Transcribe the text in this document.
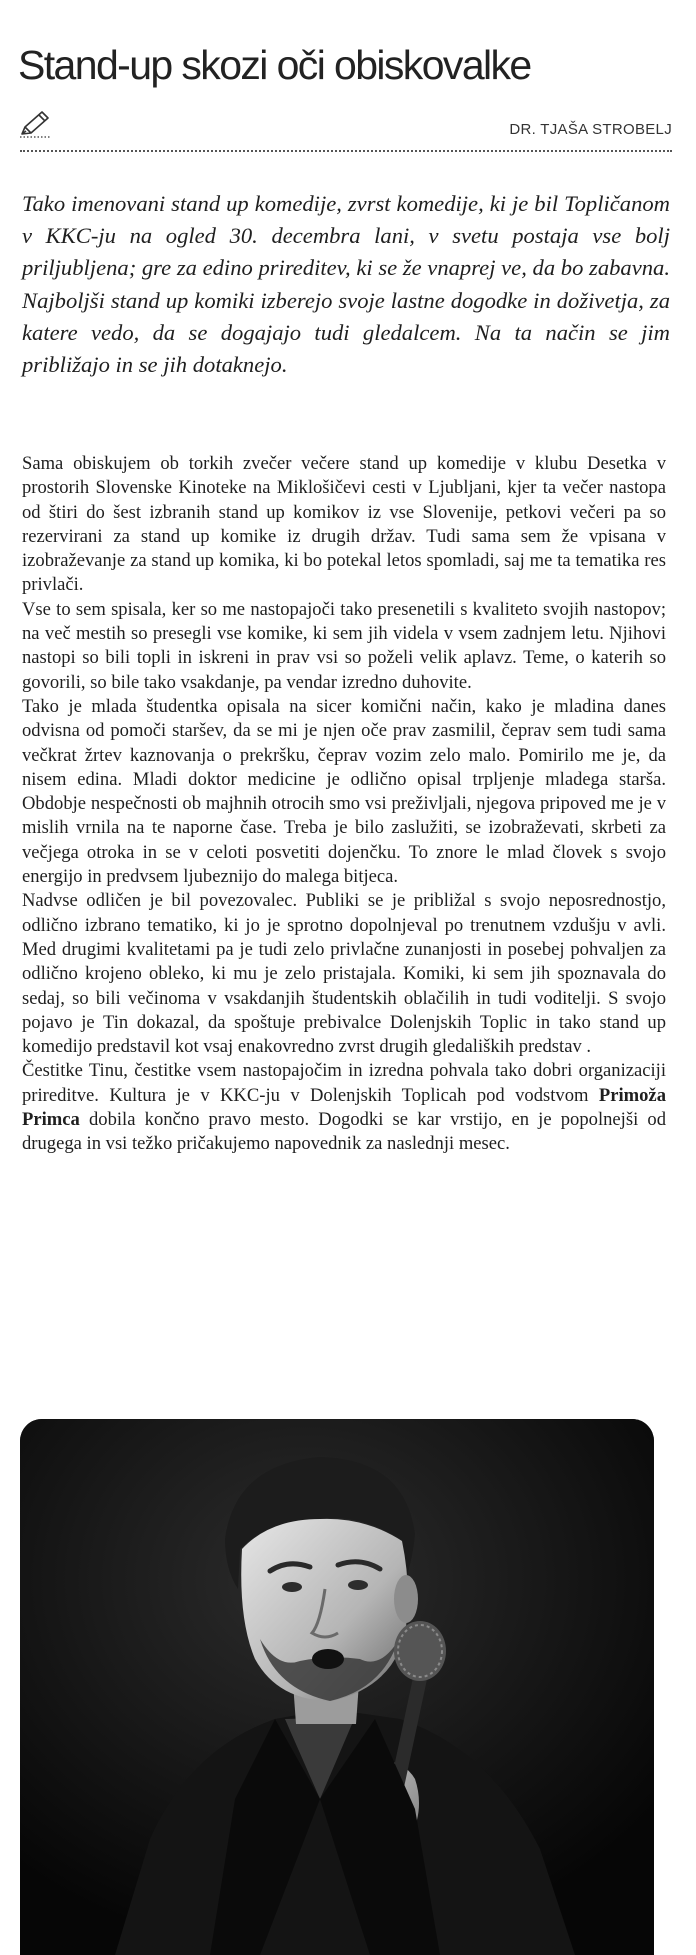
Stand-up skozi oči obiskovalke
DR. TJAŠA STROBELJ

Tako imenovani stand up komedije, zvrst komedije, ki je bil Topličanom v KKC-ju na ogled 30. decembra lani, v svetu postaja vse bolj priljubljena; gre za edino prireditev, ki se že vnaprej ve, da bo zabavna. Najboljši stand up komiki izberejo svoje lastne dogodke in doživetja, za katere vedo, da se dogajajo tudi gledalcem. Na ta način se jim približajo in se jih dotaknejo.

Sama obiskujem ob torkih zvečer večere stand up komedije v klubu Desetka v prostorih Slovenske Kinoteke na Miklošičevi cesti v Ljubljani, kjer ta večer nastopa od štiri do šest izbranih stand up komikov iz vse Slovenije, petkovi večeri pa so rezervirani za stand up komike iz drugih držav. Tudi sama sem že vpisana v izobraževanje za stand up komika, ki bo potekal letos spomladi, saj me ta tematika res privlači.

Vse to sem spisala, ker so me nastopajoči tako presenetili s kvaliteto svojih nastopov; na več mestih so presegli vse komike, ki sem jih videla v vsem zadnjem letu. Njihovi nastopi so bili topli in iskreni in prav vsi so poželi velik aplavz. Teme, o katerih so govorili, so bile tako vsakdanje, pa vendar izredno duhovite.

Tako je mlada študentka opisala na sicer komični način, kako je mladina danes odvisna od pomoči staršev, da se mi je njen oče prav zasmilil, čeprav sem tudi sama večkrat žrtev kaznovanja o prekršku, čeprav vozim zelo malo. Pomirilo me je, da nisem edina. Mladi doktor medicine je odlično opisal trpljenje mladega starša. Obdobje nespečnosti ob majhnih otrocih smo vsi preživljali, njegova pripoved me je v mislih vrnila na te naporne čase. Treba je bilo zaslužiti, se izobraževati, skrbeti za večjega otroka in se v celoti posvetiti dojenčku. To znore le mlad človek s svojo energijo in predvsem ljubeznijo do malega bitjeca.

Nadvse odličen je bil povezovalec. Publiki se je približal s svojo neposrednostjo, odlično izbrano tematiko, ki jo je sprotno dopolnjeval po trenutnem vzdušju v avli. Med drugimi kvalitetami pa je tudi zelo privlačne zunanjosti in posebej pohvaljen za odlično krojeno obleko, ki mu je zelo pristajala. Komiki, ki sem jih spoznavala do sedaj, so bili večinoma v vsakdanjih študentskih oblačilih in tudi voditelji. S svojo pojavo je Tin dokazal, da spoštuje prebivalce Dolenjskih Toplic in tako stand up komedijo predstavil kot vsaj enakovredno zvrst drugih gledaliških predstav .

Čestitke Tinu, čestitke vsem nastopajočim in izredna pohvala tako dobri organizaciji prireditve. Kultura je v KKC-ju v Dolenjskih Toplicah pod vodstvom Primoža Primca dobila končno pravo mesto. Dogodki se kar vrstijo, en je popolnejši od drugega in vsi težko pričakujemo napovednik za naslednji mesec.
